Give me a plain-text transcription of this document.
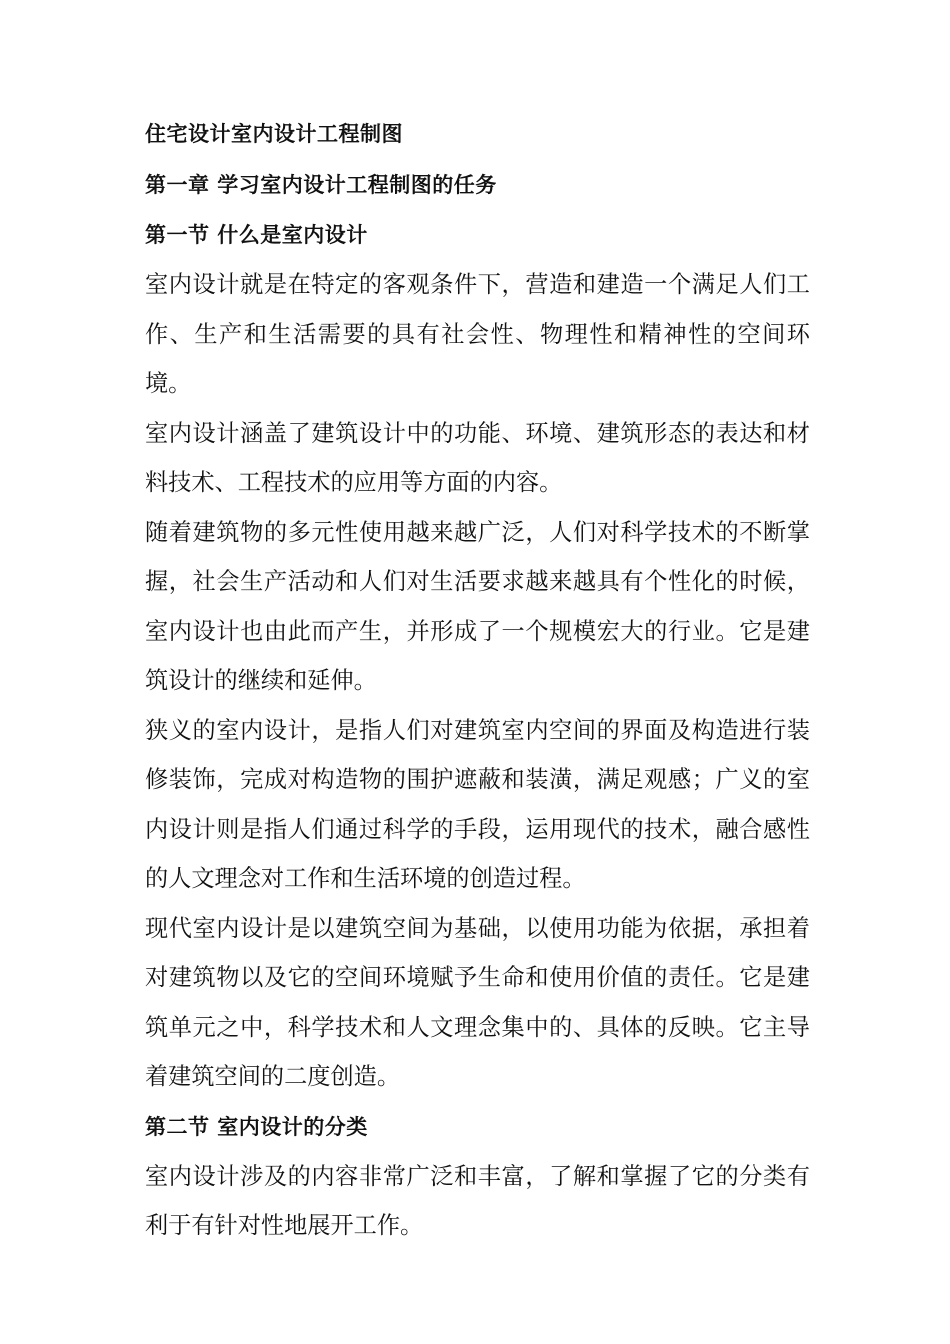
住宅设计室内设计工程制图
第一章 学习室内设计工程制图的任务
第一节 什么是室内设计

室内设计就是在特定的客观条件下，营造和建造一个满足人们工作、生产和生活需要的具有社会性、物理性和精神性的空间环境。

室内设计涵盖了建筑设计中的功能、环境、建筑形态的表达和材料技术、工程技术的应用等方面的内容。

随着建筑物的多元性使用越来越广泛，人们对科学技术的不断掌握，社会生产活动和人们对生活要求越来越具有个性化的时候，室内设计也由此而产生，并形成了一个规模宏大的行业。它是建筑设计的继续和延伸。

狭义的室内设计，是指人们对建筑室内空间的界面及构造进行装修装饰，完成对构造物的围护遮蔽和装潢，满足观感；广义的室内设计则是指人们通过科学的手段，运用现代的技术，融合感性的人文理念对工作和生活环境的创造过程。

现代室内设计是以建筑空间为基础，以使用功能为依据，承担着对建筑物以及它的空间环境赋予生命和使用价值的责任。它是建筑单元之中，科学技术和人文理念集中的、具体的反映。它主导着建筑空间的二度创造。

第二节 室内设计的分类

室内设计涉及的内容非常广泛和丰富，了解和掌握了它的分类有利于有针对性地展开工作。
